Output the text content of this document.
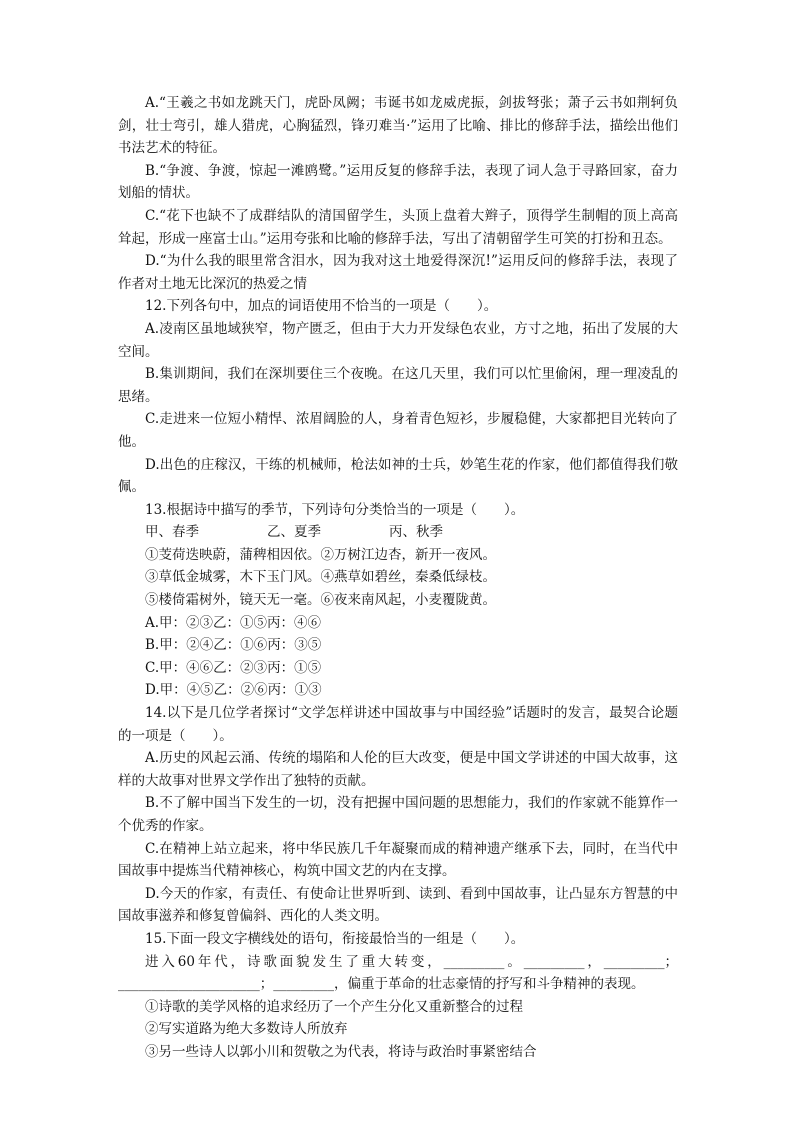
A.“王羲之书如龙跳天门，虎卧凤阙；韦诞书如龙威虎振，剑拔弩张；萧子云书如荆轲负剑，壮士弯引，雄人猎虎，心胸猛烈，锋刃难当·”运用了比喻、排比的修辞手法，描绘出他们书法艺术的特征。

B.“争渡、争渡，惊起一滩鸥鹭。”运用反复的修辞手法，表现了词人急于寻路回家，奋力划船的情状。

C.“花下也缺不了成群结队的清国留学生，头顶上盘着大辫子，顶得学生制帽的顶上高高耸起，形成一座富士山。”运用夸张和比喻的修辞手法，写出了清朝留学生可笑的打扮和丑态。

D.“为什么我的眼里常含泪水，因为我对这土地爱得深沉!”运用反问的修辞手法，表现了作者对土地无比深沉的热爱之情

12.下列各句中，加点的词语使用不恰当的一项是（　　）。

A.凌南区虽地域狭窄，物产匮乏，但由于大力开发绿色农业，方寸之地，拓出了发展的大空间。

B.集训期间，我们在深圳要住三个夜晚。在这几天里，我们可以忙里偷闲，理一理凌乱的思绪。

C.走进来一位短小精悍、浓眉阔脸的人，身着青色短衫，步履稳健，大家都把目光转向了他。

D.出色的庄稼汉，干练的机械师，枪法如神的士兵，妙笔生花的作家，他们都值得我们敬佩。

13.根据诗中描写的季节，下列诗句分类恰当的一项是（　　）。

甲、春季	乙、夏季	丙、秋季

①芰荷迭映蔚，蒲稗相因依。②万树江边杏，新开一夜风。

③草低金城雾，木下玉门风。④燕草如碧丝，秦桑低绿枝。

⑤楼倚霜树外，镜天无一毫。⑥夜来南风起，小麦覆陇黄。

A.甲：②③乙：①⑤丙：④⑥

B.甲：②④乙：①⑥丙：③⑤

C.甲：④⑥乙：②③丙：①⑤

D.甲：④⑤乙：②⑥丙：①③

14.以下是几位学者探讨“文学怎样讲述中国故事与中国经验”话题时的发言，最契合论题的一项是（　　）。

A.历史的风起云涌、传统的塌陷和人伦的巨大改变，便是中国文学讲述的中国大故事，这样的大故事对世界文学作出了独特的贡献。

B.不了解中国当下发生的一切，没有把握中国问题的思想能力，我们的作家就不能算作一个优秀的作家。

C.在精神上站立起来，将中华民族几千年凝聚而成的精神遗产继承下去，同时，在当代中国故事中提炼当代精神核心，构筑中国文艺的内在支撑。

D.今天的作家，有责任、有使命让世界听到、读到、看到中国故事，让凸显东方智慧的中国故事滋养和修复曾偏斜、西化的人类文明。

15.下面一段文字横线处的语句，衔接最恰当的一组是（　　）。

进入60年代，诗歌面貌发生了重大转变，_________。_________，_________；_____________________；_________，偏重于革命的壮志豪情的抒写和斗争精神的表现。

①诗歌的美学风格的追求经历了一个产生分化又重新整合的过程

②写实道路为绝大多数诗人所放弃

③另一些诗人以郭小川和贺敬之为代表，将诗与政治时事紧密结合
